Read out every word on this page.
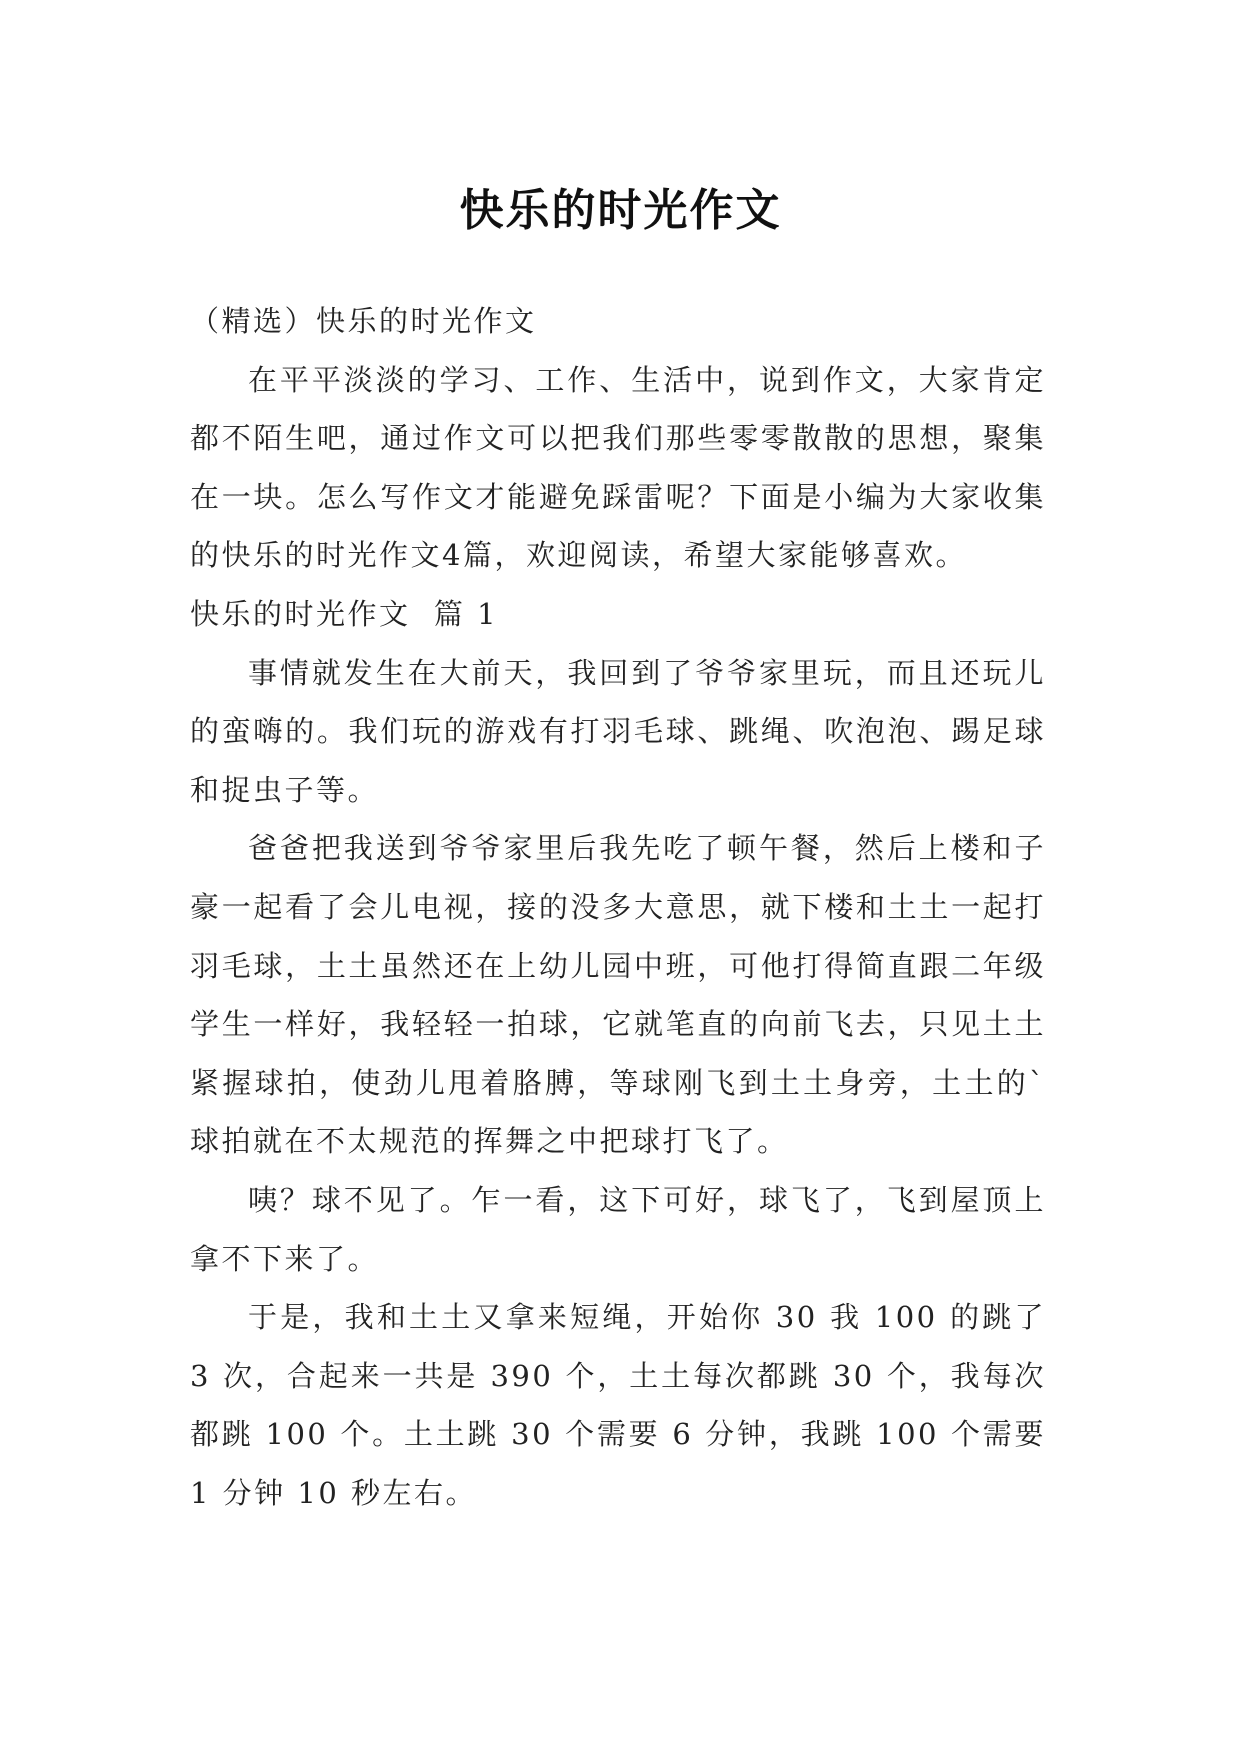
快乐的时光作文

（精选）快乐的时光作文

在平平淡淡的学习、工作、生活中，说到作文，大家肯定都不陌生吧，通过作文可以把我们那些零零散散的思想，聚集在一块。怎么写作文才能避免踩雷呢？下面是小编为大家收集的快乐的时光作文4篇，欢迎阅读，希望大家能够喜欢。

快乐的时光作文  篇 1

事情就发生在大前天，我回到了爷爷家里玩，而且还玩儿的蛮嗨的。我们玩的游戏有打羽毛球、跳绳、吹泡泡、踢足球和捉虫子等。

爸爸把我送到爷爷家里后我先吃了顿午餐，然后上楼和子豪一起看了会儿电视，接的没多大意思，就下楼和土土一起打羽毛球，土土虽然还在上幼儿园中班，可他打得简直跟二年级学生一样好，我轻轻一拍球，它就笔直的向前飞去，只见土土紧握球拍，使劲儿甩着胳膊，等球刚飞到土土身旁，土土的`球拍就在不太规范的挥舞之中把球打飞了。

咦？球不见了。乍一看，这下可好，球飞了，飞到屋顶上拿不下来了。

于是，我和土土又拿来短绳，开始你 30 我 100 的跳了 3 次，合起来一共是 390 个，土土每次都跳 30 个，我每次都跳 100 个。土土跳 30 个需要 6 分钟，我跳 100 个需要 1 分钟 10 秒左右。
